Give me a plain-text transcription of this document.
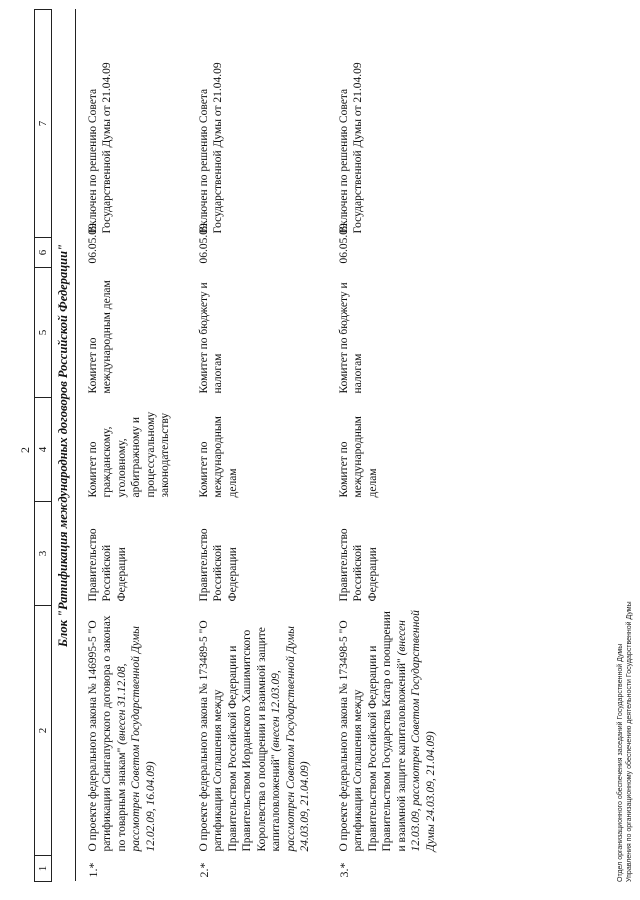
2
1	2	3	4	5	6	7
Блок "Ратификация международных договоров Российской Федерации"						
1.*	О проекте федерального закона № 146995-5 "О ратификации Сингапурского договора о законах по товарным знакам" (внесен 31.12.08, рассмотрен Советом Государственной Думы 12.02.09, 16.04.09)	Правительство Российской Федерации	Комитет по гражданскому, уголовному, арбитражному и процессуальному законодательству	Комитет по международным делам	06.05.09	Включен по решению Совета Государственной Думы от 21.04.09
2.*	О проекте федерального закона № 173489-5 "О ратификации Соглашения между Правительством Российской Федерации и Правительством Иорданского Хашимитского Королевства о поощрении и взаимной защите капиталовложений" (внесен 12.03.09, рассмотрен Советом Государственной Думы 24.03.09, 21.04.09)	Правительство Российской Федерации	Комитет по международным делам	Комитет по бюджету и налогам	06.05.09	Включен по решению Совета Государственной Думы от 21.04.09
3.*	О проекте федерального закона № 173498-5 "О ратификации Соглашения между Правительством Российской Федерации и Правительством Государства Катар о поощрении и взаимной защите капиталовложений" (внесен 12.03.09, рассмотрен Советом Государственной Думы 24.03.09, 21.04.09)	Правительство Российской Федерации	Комитет по международным делам	Комитет по бюджету и налогам	06.05.09	Включен по решению Совета Государственной Думы от 21.04.09
Отдел организационного обеспечения заседаний Государственной Думы Управления по организационному обеспечению деятельности Государственной Думы
